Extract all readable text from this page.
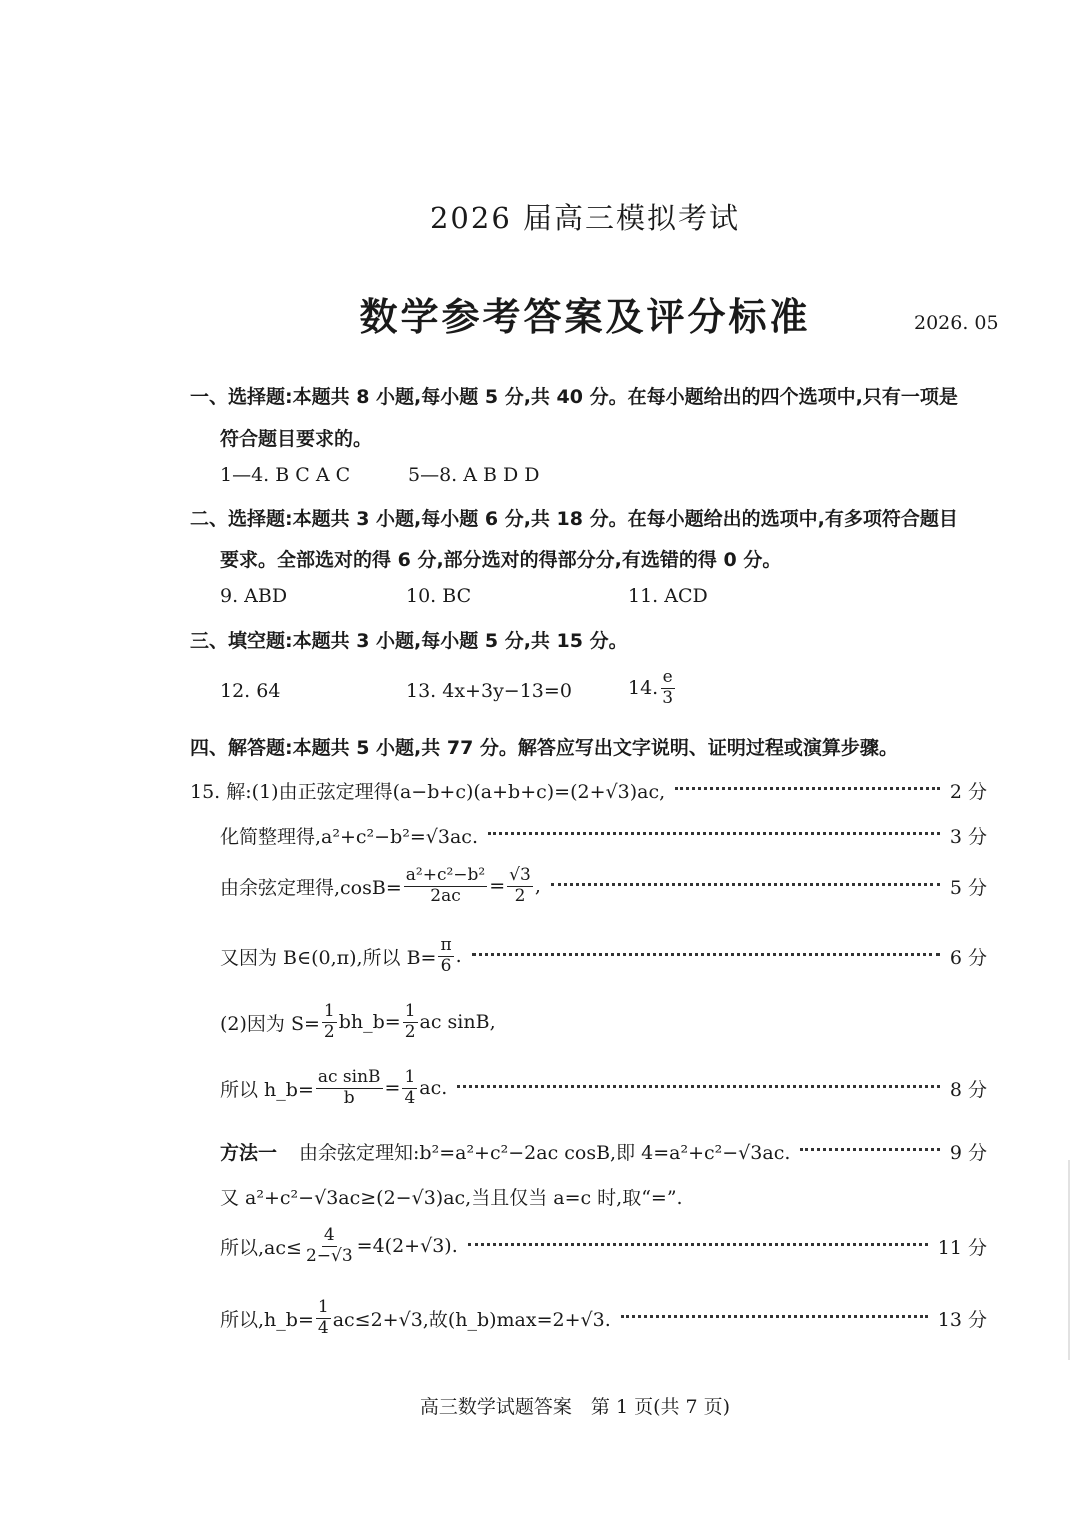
2026 届高三模拟考试
数学参考答案及评分标准	2026. 05
一、选择题:本题共 8 小题,每小题 5 分,共 40 分。在每小题给出的四个选项中,只有一项是
符合题目要求的。
1—4. B C A C	5—8. A B D D
二、选择题:本题共 3 小题,每小题 6 分,共 18 分。在每小题给出的选项中,有多项符合题目
要求。全部选对的得 6 分,部分选对的得部分分,有选错的得 0 分。
9. ABD	10. BC	11. ACD
三、填空题:本题共 3 小题,每小题 5 分,共 15 分。
12. 64	13. 4x+3y−13=0	14. $\frac{e}{3}$
四、解答题:本题共 5 小题,共 77 分。解答应写出文字说明、证明过程或演算步骤。
15. 解:(1)由正弦定理得(a−b+c)(a+b+c)=(2+√3)ac,	2 分
化简整理得,a²+c²−b²=√3ac.	3 分
由余弦定理得$,\cos B= \frac{\text{a²+c²−b²}}{2ac} = \frac{√3}{2}$ ,	5 分
又因为 B∈(0,π),所以 $B= \frac{\pi}{6}$ .	6 分
(2)因为 $S= \frac{1}{2}$ bh_b= $\frac{1}{2}$ ac sinB,
所以 h_b= $\frac{\text{ac sinB}}{b} = \frac{1}{4}$ ac.	8 分
方法一 由余弦定理知:b²=a²+c²−2ac cosB,即 4=a²+c²−√3ac.	9 分
又 a²+c²−√3ac≥(2−√3)ac,当且仅当 a=c 时,取“=”.
所以$,ac\le \frac{4}{2-√3} =4(2+√3)$.	11 分
所以,h_b= $\frac{1}{4} ac\le 2+√3$,故(h_b)max=2+√3.	13 分
高三数学试题答案　第 1 页(共 7 页)
